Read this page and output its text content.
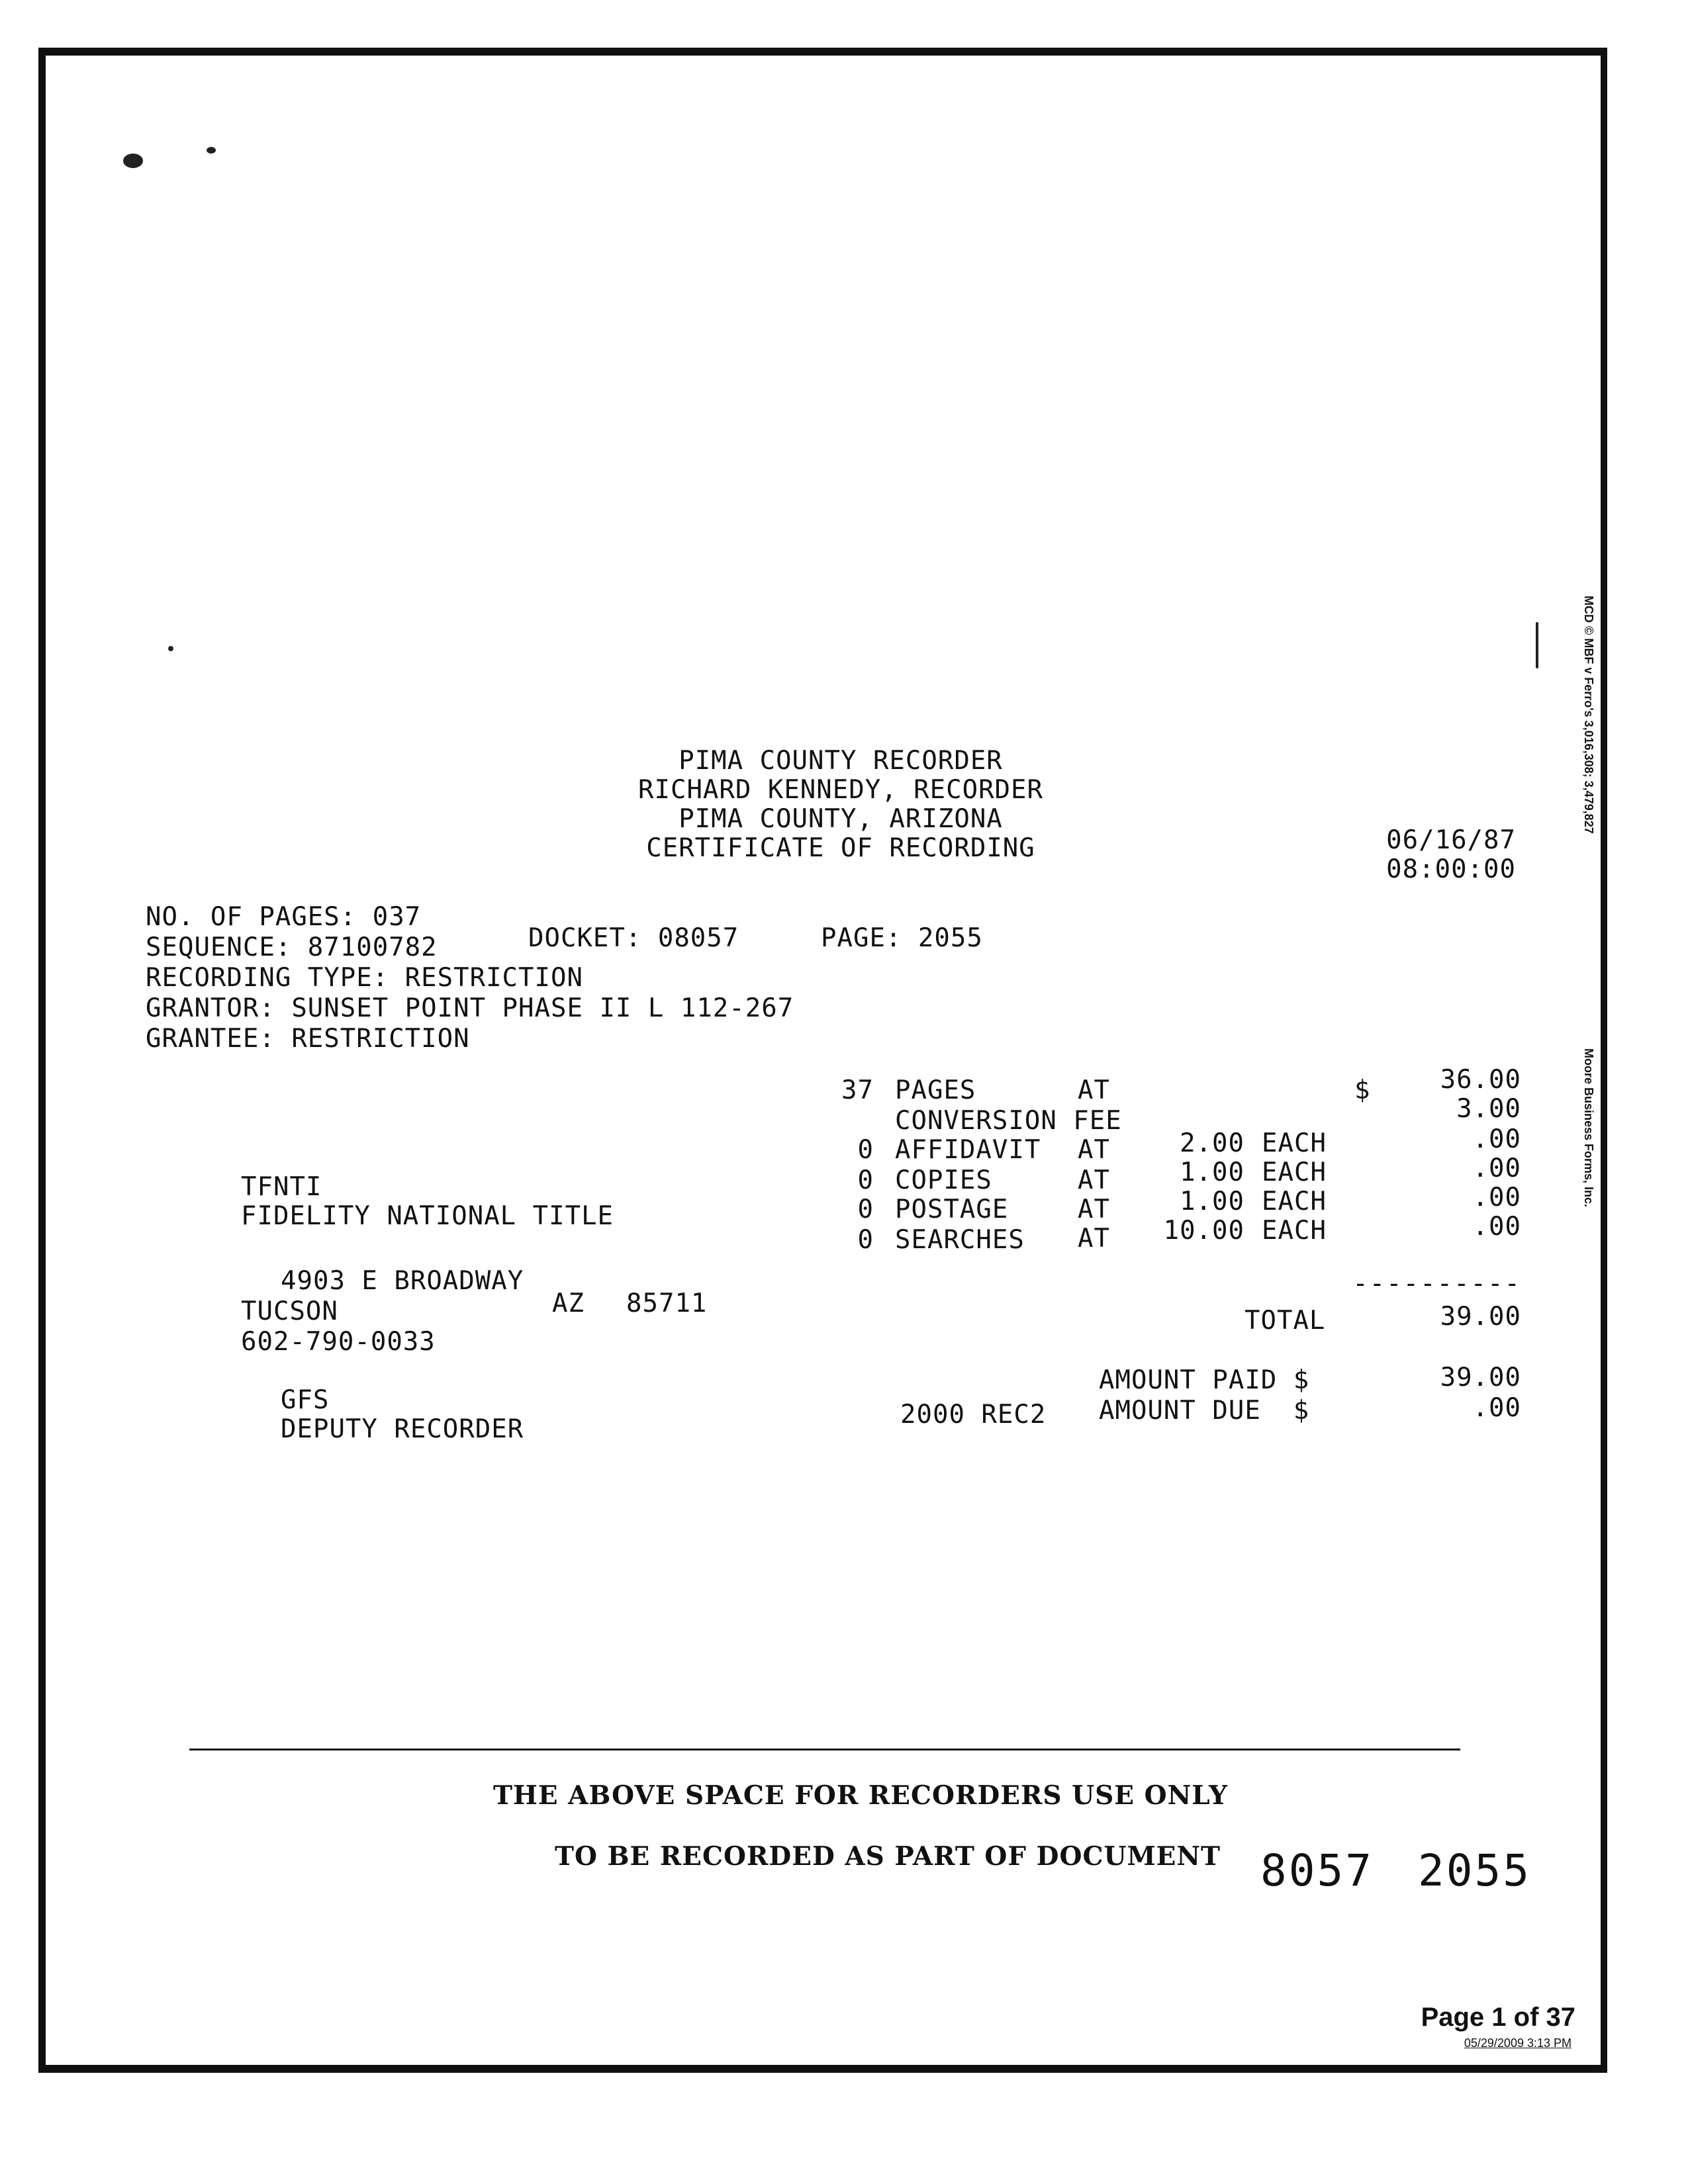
PIMA COUNTY RECORDER
RICHARD KENNEDY, RECORDER
PIMA COUNTY, ARIZONA
CERTIFICATE OF RECORDING	06/16/87
08:00:00
NO. OF PAGES: 037
SEQUENCE: 87100782	DOCKET: 08057	PAGE: 2055
RECORDING TYPE: RESTRICTION
GRANTOR: SUNSET POINT PHASE II L 112-267
GRANTEE: RESTRICTION
37 PAGES	AT	$	36.00
CONVERSION FEE	3.00
0 AFFIDAVIT AT	2.00 EACH	.00
0 COPIES	AT	1.00 EACH	.00
0 POSTAGE	AT	1.00 EACH	.00
0 SEARCHES AT	10.00 EACH	.00
----------
TOTAL	39.00
AMOUNT PAID $	39.00
2000 REC2 AMOUNT DUE  $	.00
TFNTI
FIDELITY NATIONAL TITLE
4903 E BROADWAY
TUCSON	AZ 85711
602-790-0033
GFS
DEPUTY RECORDER
THE ABOVE SPACE FOR RECORDERS USE ONLY
TO BE RECORDED AS PART OF DOCUMENT 8057 2055
Page 1 of 37
05/29/2009 3:13 PM
MCD © MBF v Ferro's 3,016,308; 3,479,827
Moore Business Forms, Inc.
